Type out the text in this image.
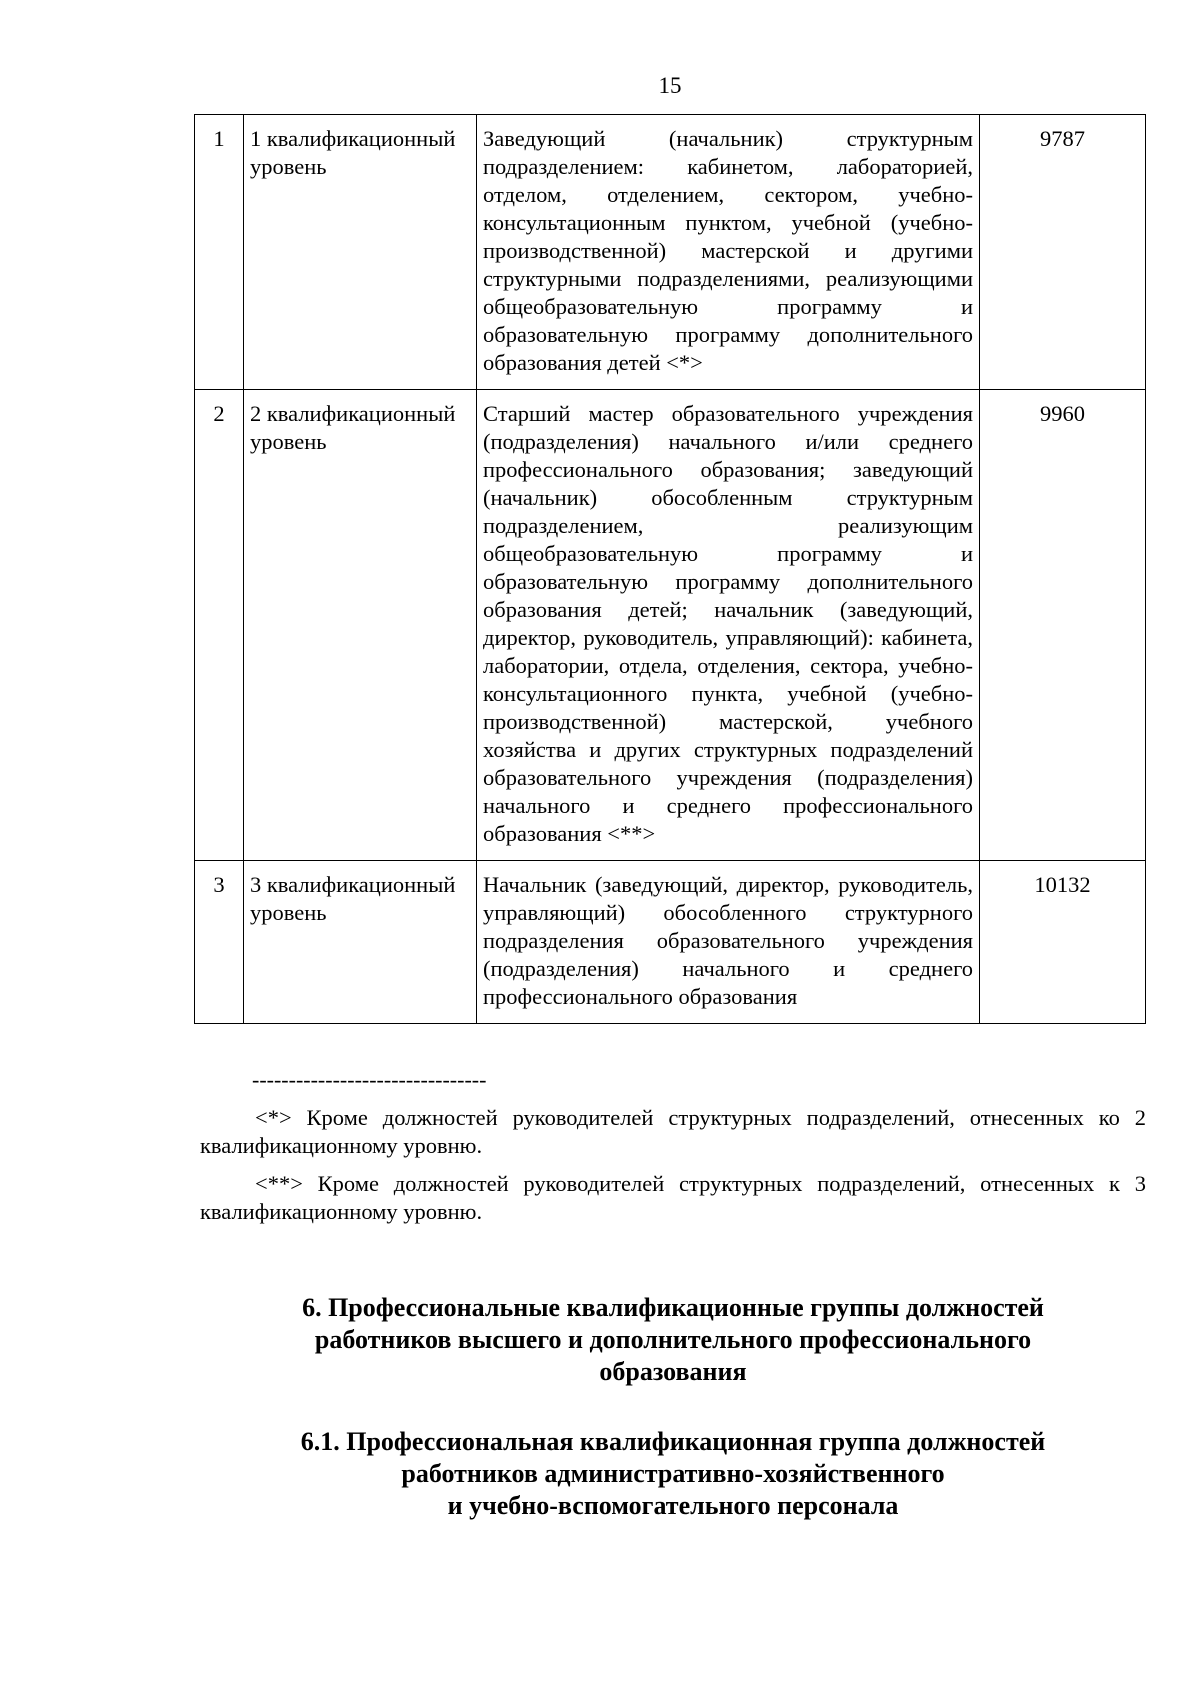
15
1	1 квалификационный уровень	Заведующий (начальник) структурным подразделением: кабинетом, лабораторией, отделом, отделением, сектором, учебно-консультационным пунктом, учебной (учебно-производственной) мастерской и другими структурными подразделениями, реализующими общеобразовательную программу и образовательную программу дополнительного образования детей <*>	9787
2	2 квалификационный уровень	Старший мастер образовательного учреждения (подразделения) начального и/или среднего профессионального образования; заведующий (начальник) обособленным структурным подразделением, реализующим общеобразовательную программу и образовательную программу дополнительного образования детей; начальник (заведующий, директор, руководитель, управляющий): кабинета, лаборатории, отдела, отделения, сектора, учебно-консультационного пункта, учебной (учебно-производственной) мастерской, учебного хозяйства и других структурных подразделений образовательного учреждения (подразделения) начального и среднего профессионального образования <**>	9960
3	3 квалификационный уровень	Начальник (заведующий, директор, руководитель, управляющий) обособленного структурного подразделения образовательного учреждения (подразделения) начального и среднего профессионального образования	10132
--------------------------------

<*> Кроме должностей руководителей структурных подразделений, отнесенных ко 2 квалификационному уровню.

<**> Кроме должностей руководителей структурных подразделений, отнесенных к 3 квалификационному уровню.

6. Профессиональные квалификационные группы должностей
работников высшего и дополнительного профессионального
образования
6.1. Профессиональная квалификационная группа должностей
работников административно-хозяйственного
и учебно-вспомогательного персонала
